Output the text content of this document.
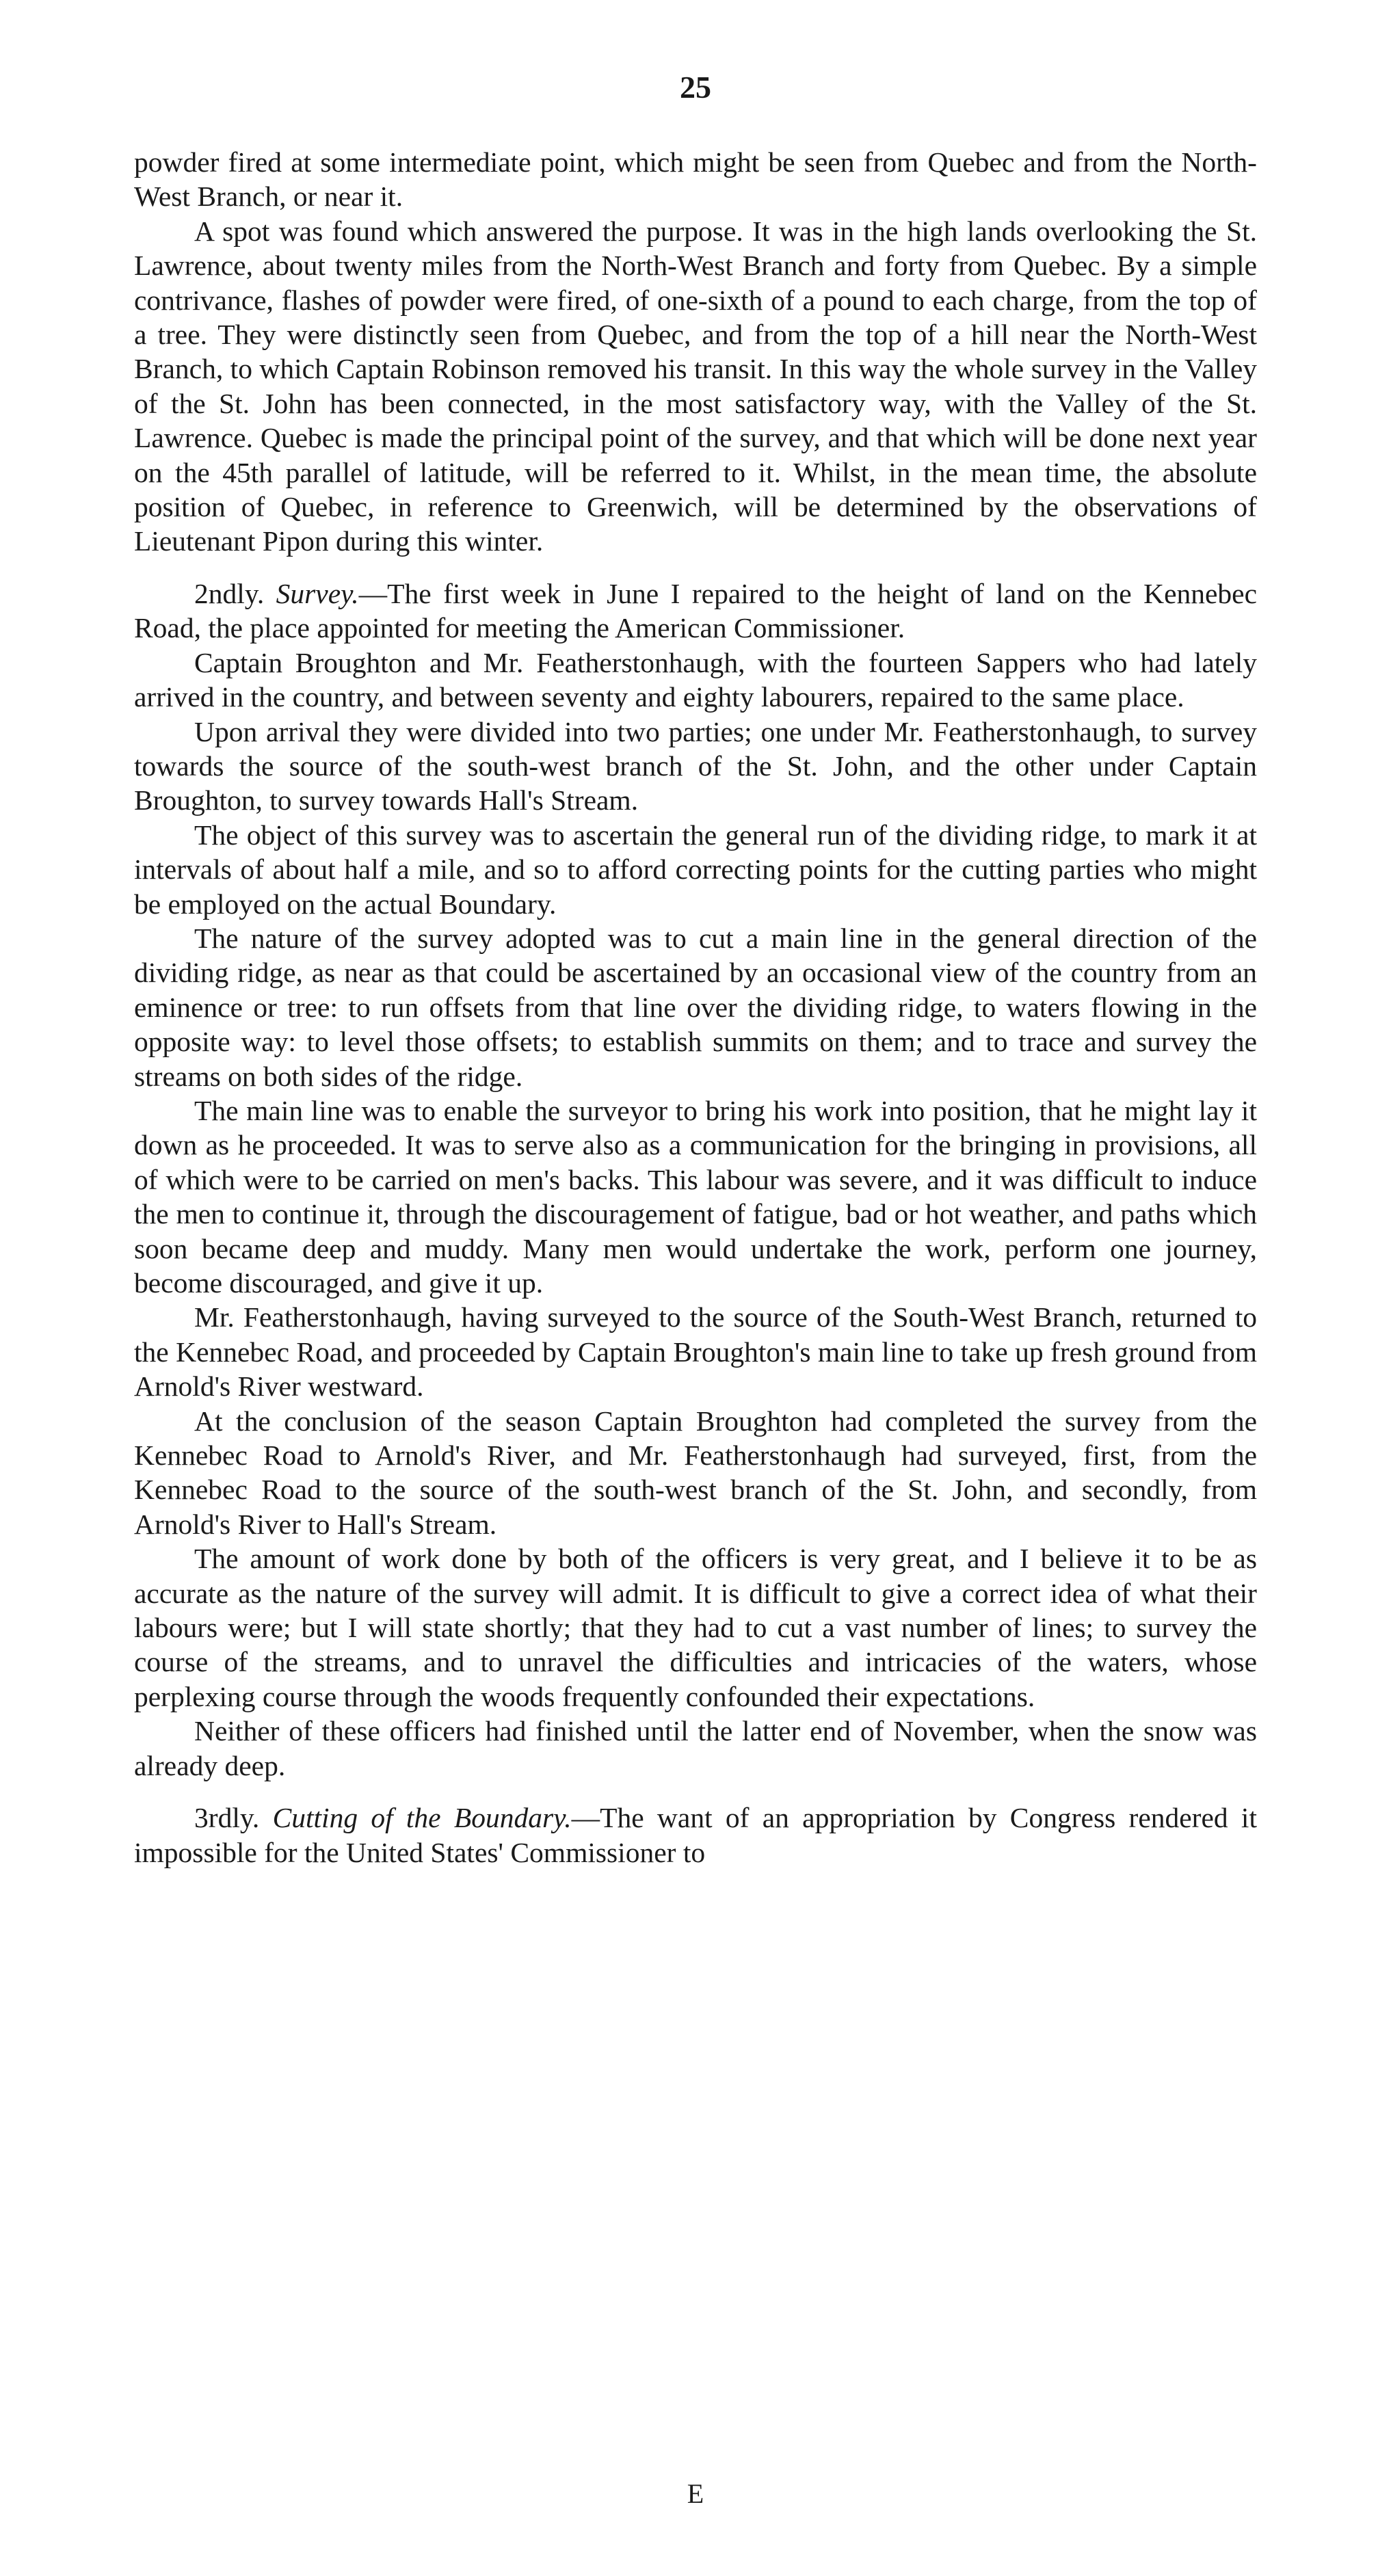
25

powder fired at some intermediate point, which might be seen from Quebec and from the North-West Branch, or near it.

A spot was found which answered the purpose. It was in the high lands overlooking the St. Lawrence, about twenty miles from the North-West Branch and forty from Quebec. By a simple contrivance, flashes of powder were fired, of one-sixth of a pound to each charge, from the top of a tree. They were distinctly seen from Quebec, and from the top of a hill near the North-West Branch, to which Captain Robinson removed his transit. In this way the whole survey in the Valley of the St. John has been connected, in the most satisfactory way, with the Valley of the St. Lawrence. Quebec is made the principal point of the survey, and that which will be done next year on the 45th parallel of latitude, will be referred to it. Whilst, in the mean time, the absolute position of Quebec, in reference to Greenwich, will be determined by the observations of Lieutenant Pipon during this winter.

2ndly. Survey.—The first week in June I repaired to the height of land on the Kennebec Road, the place appointed for meeting the American Commissioner.

Captain Broughton and Mr. Featherstonhaugh, with the fourteen Sappers who had lately arrived in the country, and between seventy and eighty labourers, repaired to the same place.

Upon arrival they were divided into two parties; one under Mr. Featherstonhaugh, to survey towards the source of the south-west branch of the St. John, and the other under Captain Broughton, to survey towards Hall's Stream.

The object of this survey was to ascertain the general run of the dividing ridge, to mark it at intervals of about half a mile, and so to afford correcting points for the cutting parties who might be employed on the actual Boundary.

The nature of the survey adopted was to cut a main line in the general direction of the dividing ridge, as near as that could be ascertained by an occasional view of the country from an eminence or tree: to run offsets from that line over the dividing ridge, to waters flowing in the opposite way: to level those offsets; to establish summits on them; and to trace and survey the streams on both sides of the ridge.

The main line was to enable the surveyor to bring his work into position, that he might lay it down as he proceeded. It was to serve also as a communication for the bringing in provisions, all of which were to be carried on men's backs. This labour was severe, and it was difficult to induce the men to continue it, through the discouragement of fatigue, bad or hot weather, and paths which soon became deep and muddy. Many men would undertake the work, perform one journey, become discouraged, and give it up.

Mr. Featherstonhaugh, having surveyed to the source of the South-West Branch, returned to the Kennebec Road, and proceeded by Captain Broughton's main line to take up fresh ground from Arnold's River westward.

At the conclusion of the season Captain Broughton had completed the survey from the Kennebec Road to Arnold's River, and Mr. Featherstonhaugh had surveyed, first, from the Kennebec Road to the source of the south-west branch of the St. John, and secondly, from Arnold's River to Hall's Stream.

The amount of work done by both of the officers is very great, and I believe it to be as accurate as the nature of the survey will admit. It is difficult to give a correct idea of what their labours were; but I will state shortly; that they had to cut a vast number of lines; to survey the course of the streams, and to unravel the difficulties and intricacies of the waters, whose perplexing course through the woods frequently confounded their expectations.

Neither of these officers had finished until the latter end of November, when the snow was already deep.

3rdly. Cutting of the Boundary.—The want of an appropriation by Congress rendered it impossible for the United States' Commissioner to

E
